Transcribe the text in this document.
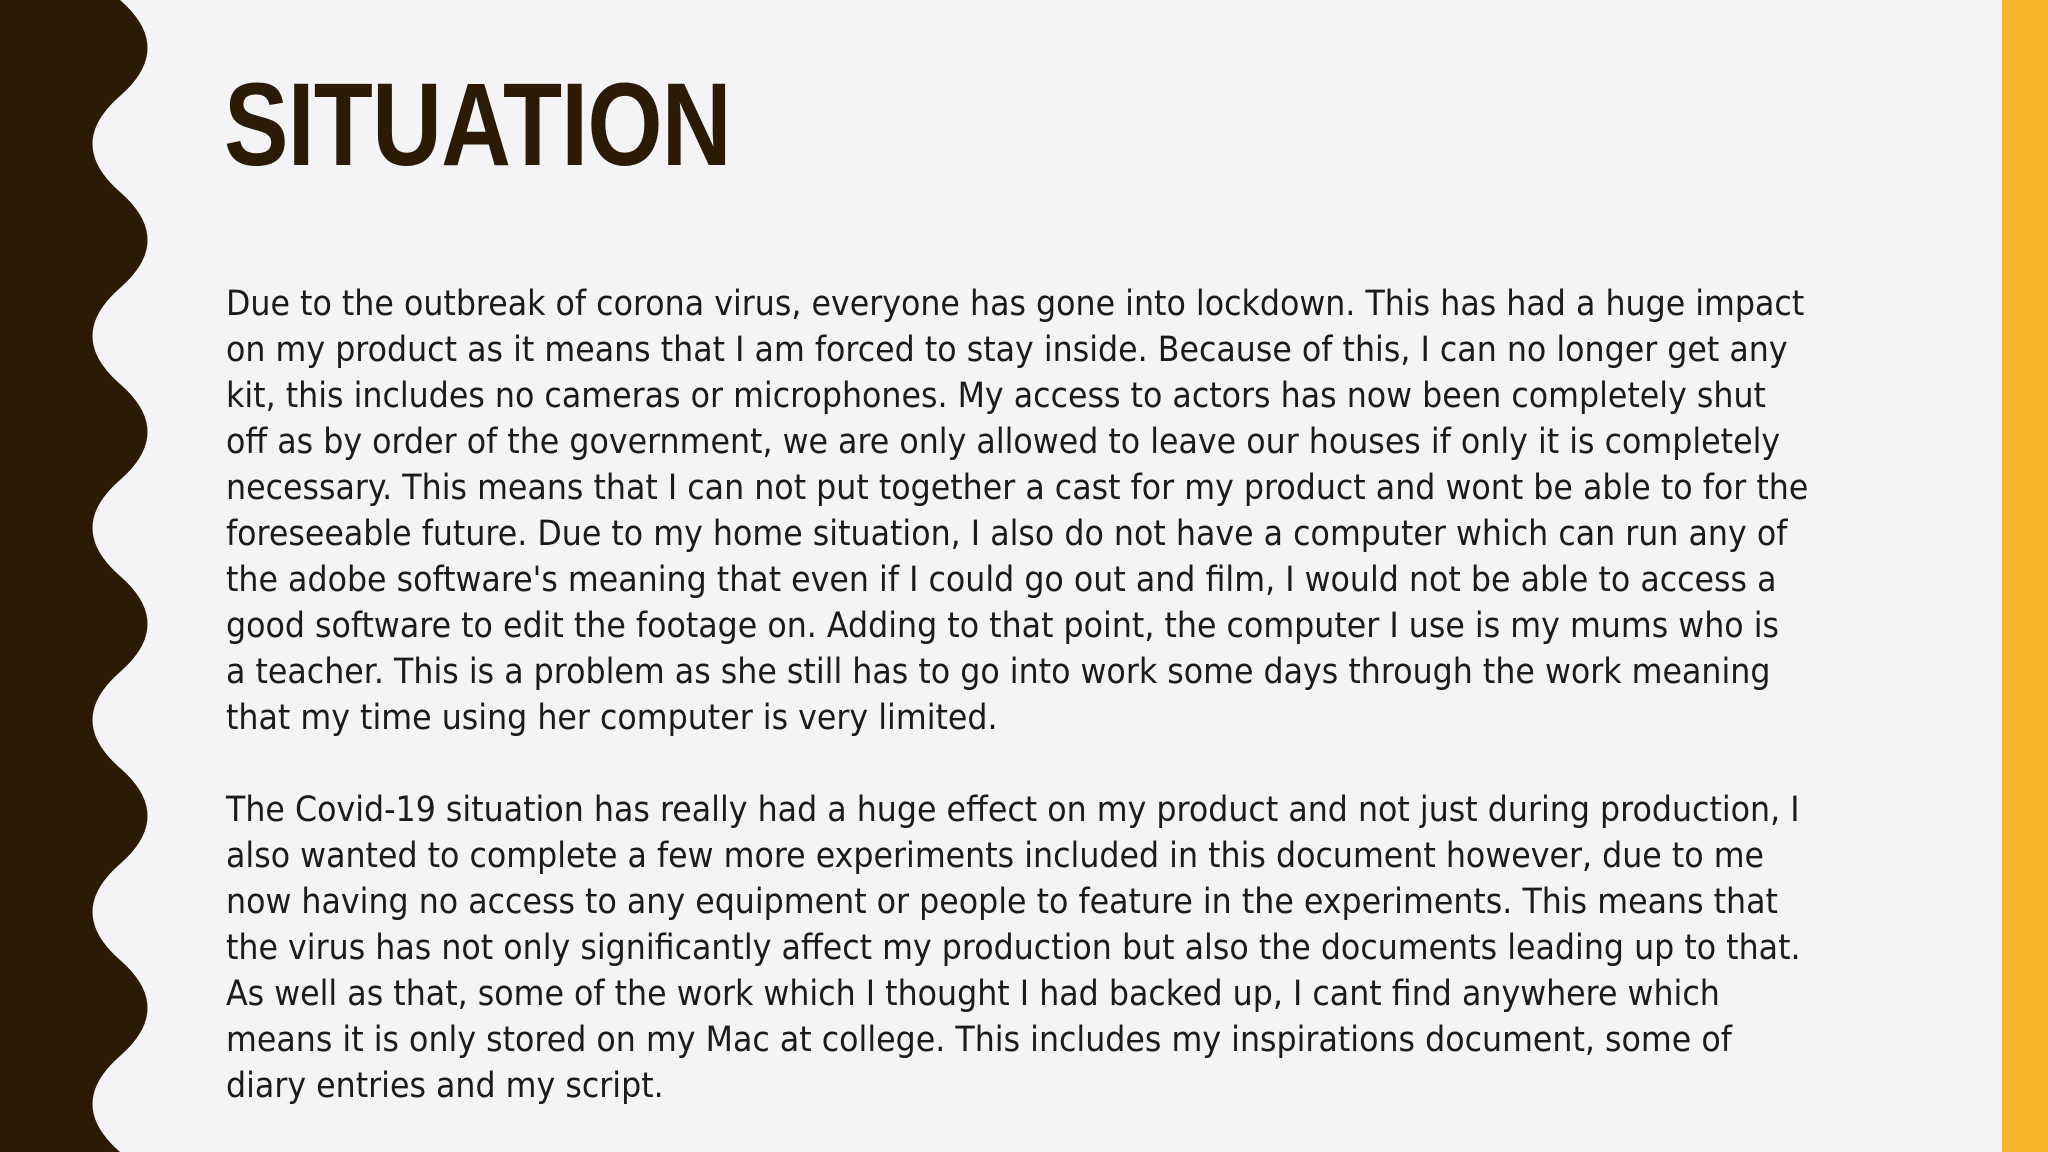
SITUATION

Due to the outbreak of corona virus, everyone has gone into lockdown. This has had a huge impact
on my product as it means that I am forced to stay inside. Because of this, I can no longer get any
kit, this includes no cameras or microphones. My access to actors has now been completely shut
off as by order of the government, we are only allowed to leave our houses if only it is completely
necessary. This means that I can not put together a cast for my product and wont be able to for the
foreseeable future. Due to my home situation, I also do not have a computer which can run any of
the adobe software's meaning that even if I could go out and film, I would not be able to access a
good software to edit the footage on. Adding to that point, the computer I use is my mums who is
a teacher. This is a problem as she still has to go into work some days through the work meaning
that my time using her computer is very limited.

The Covid-19 situation has really had a huge effect on my product and not just during production, I
also wanted to complete a few more experiments included in this document however, due to me
now having no access to any equipment or people to feature in the experiments. This means that
the virus has not only significantly affect my production but also the documents leading up to that.
As well as that, some of the work which I thought I had backed up, I cant find anywhere which
means it is only stored on my Mac at college. This includes my inspirations document, some of
diary entries and my script.
